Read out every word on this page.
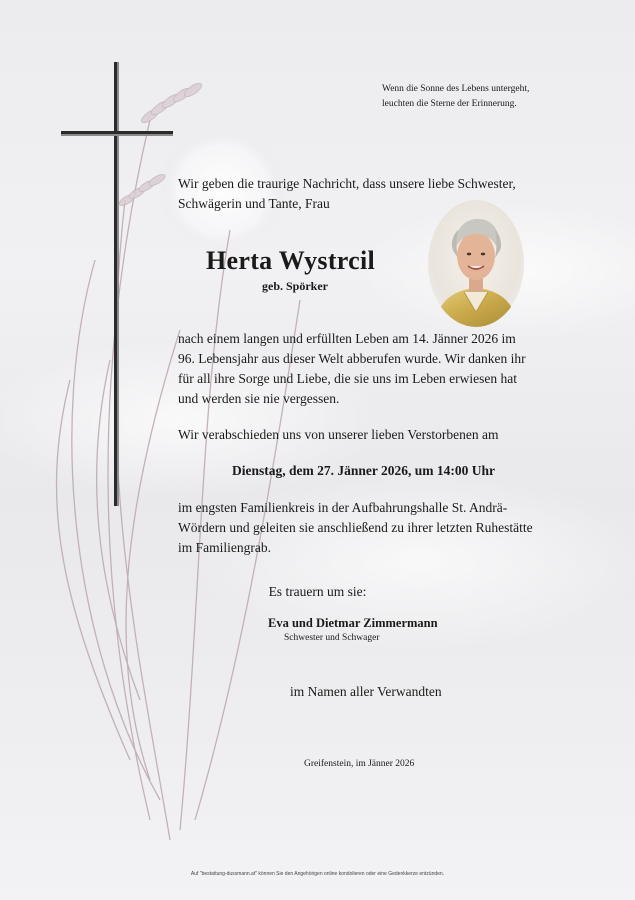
Wenn die Sonne des Lebens untergeht,
leuchten die Sterne der Erinnerung.
Wir geben die traurige Nachricht, dass unsere liebe Schwester,
Schwägerin und Tante, Frau
Herta Wystrcil
geb. Spörker
nach einem langen und erfüllten Leben am 14. Jänner 2026 im
96. Lebensjahr aus dieser Welt abberufen wurde. Wir danken ihr
für all ihre Sorge und Liebe, die sie uns im Leben erwiesen hat
und werden sie nie vergessen.
Wir verabschieden uns von unserer lieben Verstorbenen am
Dienstag, dem 27. Jänner 2026, um 14:00 Uhr
im engsten Familienkreis in der Aufbahrungshalle St. Andrä-
Wördern und geleiten sie anschließend zu ihrer letzten Ruhestätte
im Familiengrab.
Es trauern um sie:
Eva und Dietmar Zimmermann
Schwester und Schwager
im Namen aller Verwandten
Greifenstein, im Jänner 2026
Auf "bestattung-dussmann.at" können Sie den Angehörigen online kondolieren oder eine Gedenkkerze entzünden.
